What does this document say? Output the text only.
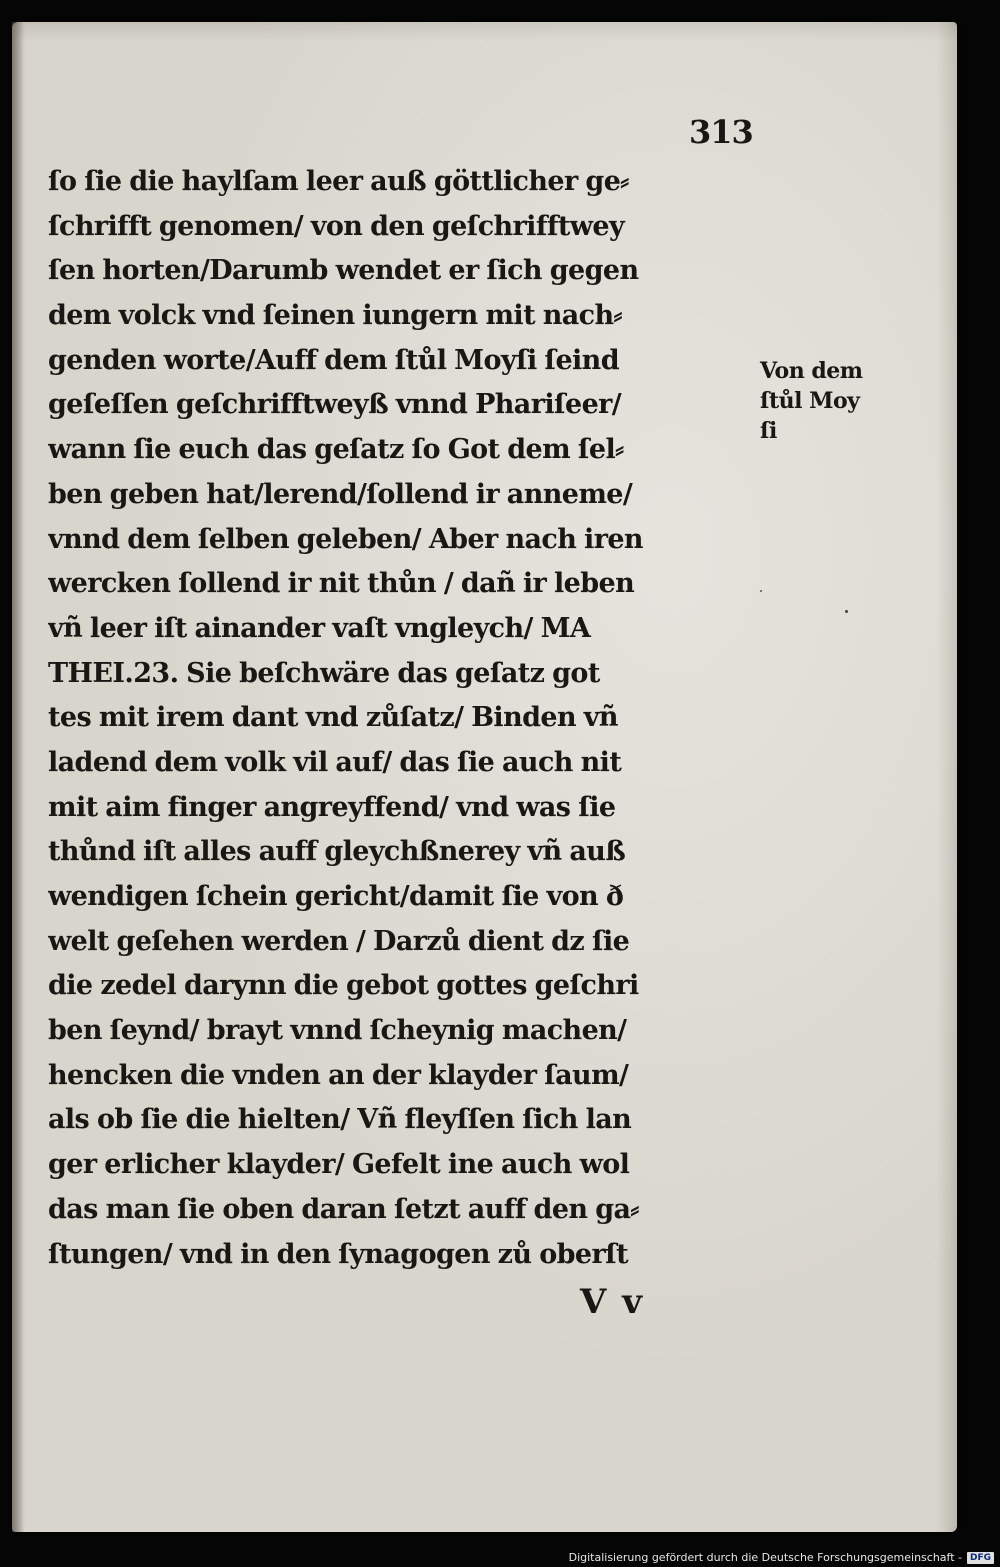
313
ſo ſie die haylſam leer auß göttlicher ge⸗
ſchrifft genomen/ von den geſchrifftwey
ſen horten/Darumb wendet er ſich gegen
dem volck vnd ſeinen iungern mit nach⸗
genden worte/Auff dem ſtůl Moyſi ſeind
geſeſſen geſchrifftweyß vnnd Phariſeer/
wann ſie euch das geſatz ſo Got dem ſel⸗
ben geben hat/lerend/ſollend ir anneme/
vnnd dem ſelben geleben/ Aber nach iren
wercken ſollend ir nit thůn / dañ ir leben
vñ leer iſt ainander vaſt vngleych/ MA
THEI.23. Sie beſchwäre das geſatz got
tes mit irem dant vnd zůſatz/ Binden vñ
ladend dem volk vil auf/ das ſie auch nit
mit aim finger angreyffend/ vnd was ſie
thůnd iſt alles auff gleychßnerey vñ auß
wendigen ſchein gericht/damit ſie von ð
welt geſehen werden / Darzů dient dz ſie
die zedel darynn die gebot gottes geſchri
ben ſeynd/ brayt vnnd ſcheynig machen/
hencken die vnden an der klayder ſaum/
als ob ſie die hielten/ Vñ fleyſſen ſich lan
ger erlicher klayder/ Gefelt ine auch wol
das man ſie oben daran ſetzt auff den ga⸗
ſtungen/ vnd in den ſynagogen zů oberſt
Von dem
ſtůl Moy
ſi
V v
Digitalisierung gefördert durch die Deutsche Forschungsgemeinschaft - DFG
